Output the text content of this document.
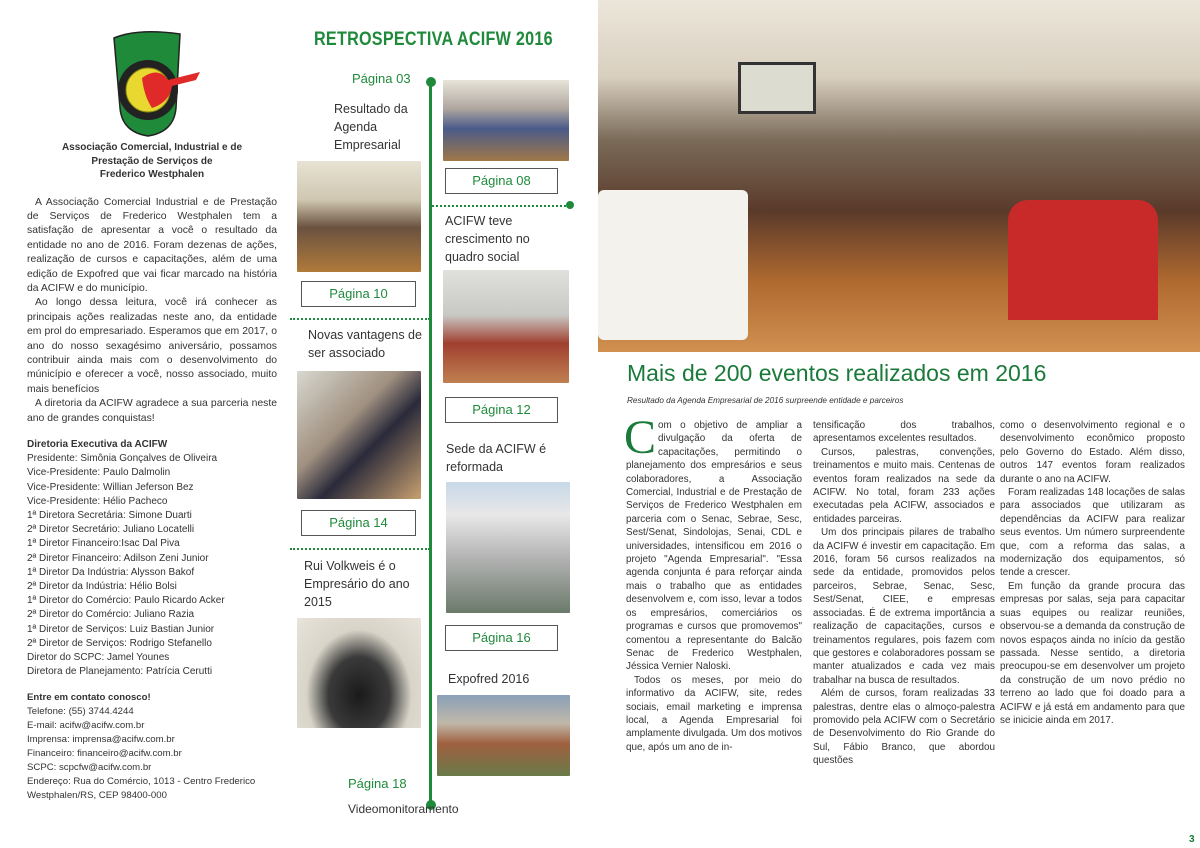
Associação Comercial, Industrial e de
Prestação de Serviços de
Frederico Westphalen

A Associação Comercial Industrial e de Prestação de Serviços de Frederico Westphalen tem a satisfação de apresentar a você o resultado da entidade no ano de 2016. Foram dezenas de ações, realização de cursos e capacitações, além de uma edição de Expofred que vai ficar marcado na história da ACIFW e do município.

Ao longo dessa leitura, você irá conhecer as principais ações realizadas neste ano, da entidade em prol do empresariado. Esperamos que em 2017, o ano do nosso sexagésimo aniversário, possamos contribuir ainda mais com o desenvolvimento do múnicípio e oferecer a você, nosso associado, muito mais benefícios

A diretoria da ACIFW agradece a sua parceria neste ano de grandes conquistas!

Diretoria Executiva da ACIFW
Presidente: Simônia Gonçalves de Oliveira
Vice-Presidente: Paulo Dalmolin
Vice-Presidente: Willian Jeferson Bez
Vice-Presidente: Hélio Pacheco
1ª Diretora Secretária: Simone Duarti
2ª Diretor Secretário: Juliano Locatelli
1ª Diretor Financeiro:Isac Dal Piva
2ª Diretor Financeiro: Adilson Zeni Junior
1ª Diretor Da Indústria: Alysson Bakof
2ª Diretor da Indústria: Hélio Bolsi
1ª Diretor do Comércio: Paulo Ricardo Acker
2ª Diretor do Comércio: Juliano Razia
1ª Diretor de Serviços: Luiz Bastian Junior
2ª Diretor de Serviços: Rodrigo Stefanello
Diretor do SCPC: Jamel Younes
Diretora de Planejamento: Patrícia Cerutti
Entre em contato conosco!
Telefone: (55) 3744.4244
E-mail: acifw@acifw.com.br
Imprensa: imprensa@acifw.com.br
Financeiro: financeiro@acifw.com.br
SCPC: scpcfw@acifw.com.br
Endereço: Rua do Comércio, 1013 - Centro Frederico Westphalen/RS, CEP 98400-000
RETROSPECTIVA ACIFW 2016
Página 03
Resultado da Agenda Empresarial
Página 10
Novas vantagens de ser associado
Página 14
Rui Volkweis é o Empresário do ano 2015
Página 18
Videomonitoramento
Página 08
ACIFW teve crescimento no quadro social
Página 12
Sede da ACIFW é reformada
Página 16
Expofred 2016
Mais de 200 eventos realizados em 2016
Resultado da Agenda Empresarial de 2016 surpreende entidade e parceiros

Com o objetivo de ampliar a divulgação da oferta de capacitações, permitindo o planejamento dos empresários e seus colaboradores, a Associação Comercial, Industrial e de Prestação de Serviços de Frederico Westphalen em parceria com o Senac, Sebrae, Sesc, Sest/Senat, Sindolojas, Senai, CDL e universidades, intensificou em 2016 o projeto "Agenda Empresarial". "Essa agenda conjunta é para reforçar ainda mais o trabalho que as entidades desenvolvem e, com isso, levar a todos os empresários, comerciários os programas e cursos que promovemos" comentou a representante do Balcão Senac de Frederico Westphalen, Jéssica Vernier Naloski.

Todos os meses, por meio do informativo da ACIFW, site, redes sociais, email marketing e imprensa local, a Agenda Empresarial foi amplamente divulgada. Um dos motivos que, após um ano de in-

tensificação dos trabalhos, apresentamos excelentes resultados.

Cursos, palestras, convenções, treinamentos e muito mais. Centenas de eventos foram realizados na sede da ACIFW. No total, foram 233 ações executadas pela ACIFW, associados e entidades parceiras.

Um dos principais pilares de trabalho da ACIFW é investir em capacitação. Em 2016, foram 56 cursos realizados na sede da entidade, promovidos pelos parceiros, Sebrae, Senac, Sesc, Sest/Senat, CIEE, e empresas associadas. É de extrema importância a realização de capacitações, cursos e treinamentos regulares, pois fazem com que gestores e colaboradores possam se manter atualizados e cada vez mais trabalhar na busca de resultados.

Além de cursos, foram realizadas 33 palestras, dentre elas o almoço-palestra promovido pela ACIFW com o Secretário de Desenvolvimento do Rio Grande do Sul, Fábio Branco, que abordou questões

como o desenvolvimento regional e o desenvolvimento econômico proposto pelo Governo do Estado. Além disso, outros 147 eventos foram realizados durante o ano na ACIFW.

Foram realizadas 148 locações de salas para associados que utilizaram as dependências da ACIFW para realizar seus eventos. Um número surpreendente que, com a reforma das salas, a modernização dos equipamentos, só tende a crescer.

Em função da grande procura das empresas por salas, seja para capacitar suas equipes ou realizar reuniões, observou-se a demanda da construção de novos espaços ainda no início da gestão passada. Nesse sentido, a diretoria preocupou-se em desenvolver um projeto da construção de um novo prédio no terreno ao lado que foi doado para a ACIFW e já está em andamento para que se inicicie ainda em 2017.

3
